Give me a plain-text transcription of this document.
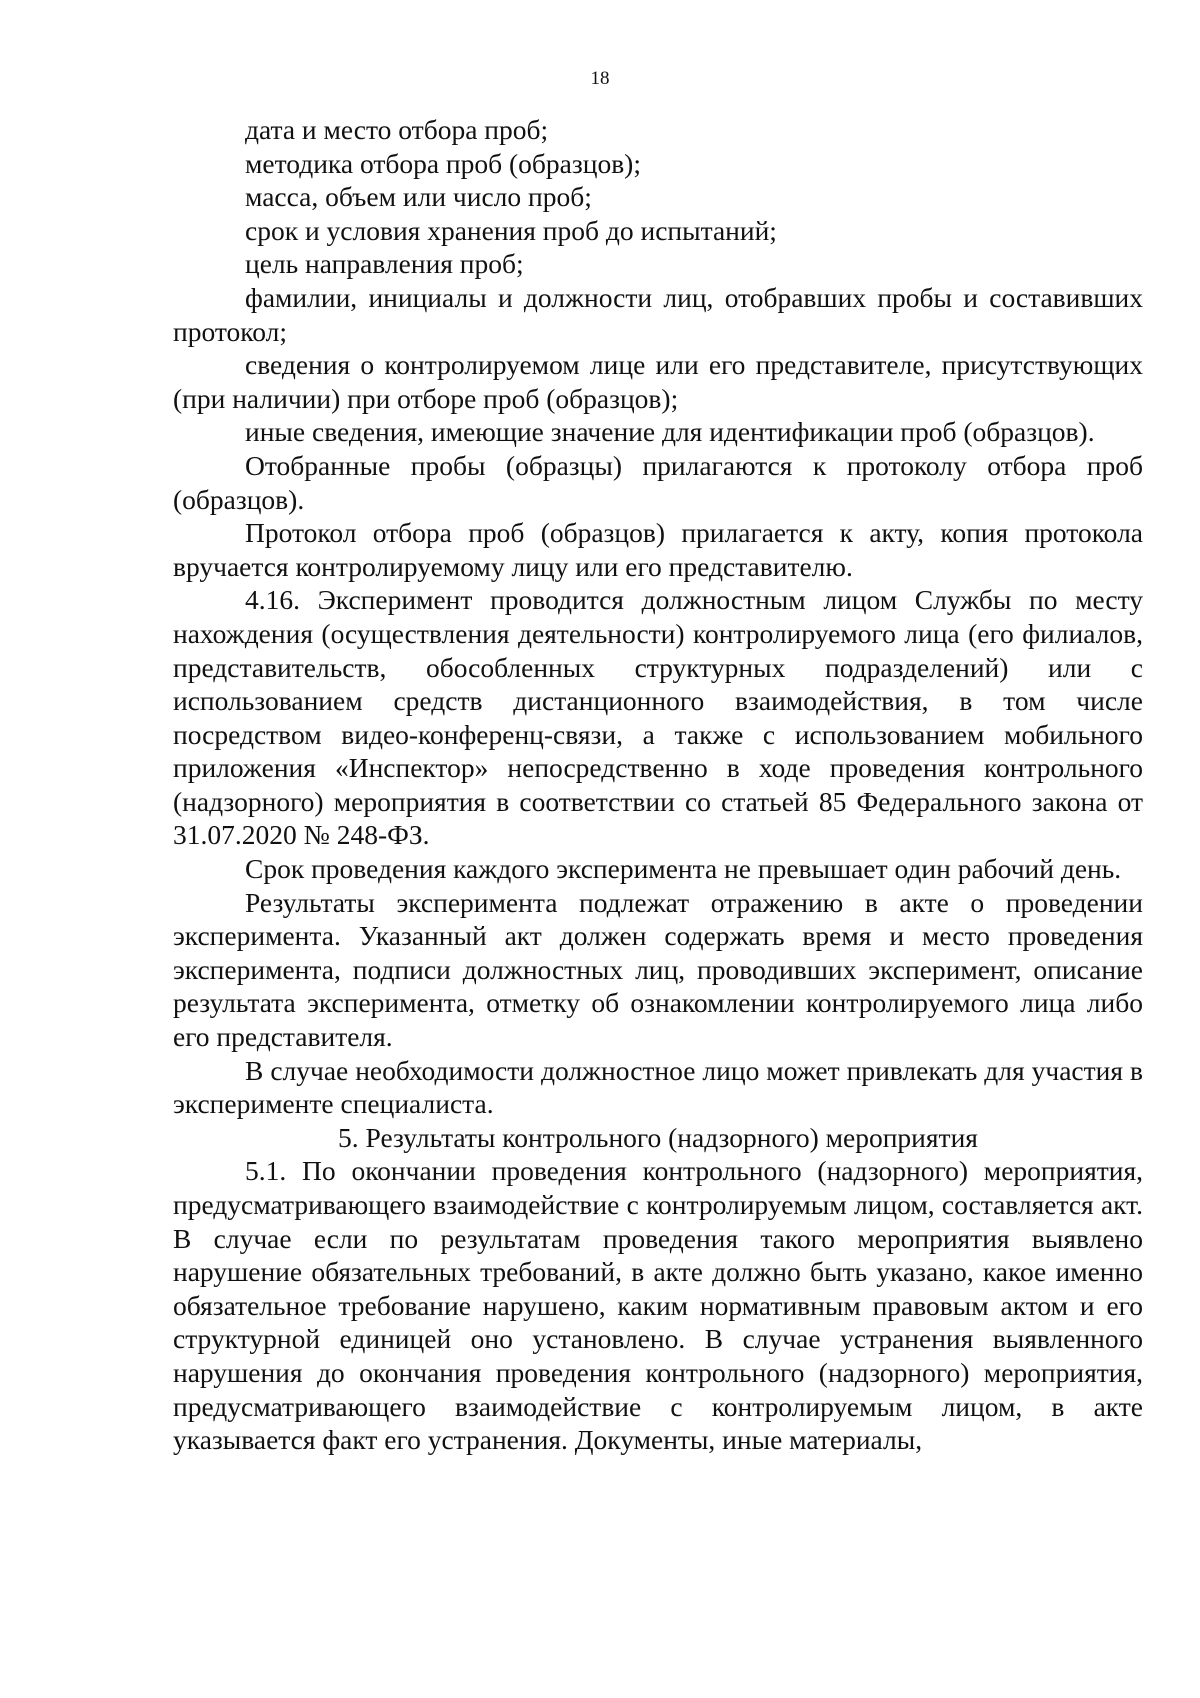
18

дата и место отбора проб;

методика отбора проб (образцов);

масса, объем или число проб;

срок и условия хранения проб до испытаний;

цель направления проб;

фамилии, инициалы и должности лиц, отобравших пробы и составивших протокол;

сведения о контролируемом лице или его представителе, присутствующих (при наличии) при отборе проб (образцов);

иные сведения, имеющие значение для идентификации проб (образцов).

Отобранные пробы (образцы) прилагаются к протоколу отбора проб (образцов).

Протокол отбора проб (образцов) прилагается к акту, копия протокола вручается контролируемому лицу или его представителю.

4.16. Эксперимент проводится должностным лицом Службы по месту нахождения (осуществления деятельности) контролируемого лица (его филиалов, представительств, обособленных структурных подразделений) или с использованием средств дистанционного взаимодействия, в том числе посредством видео-конференц-связи, а также с использованием мобильного приложения «Инспектор» непосредственно в ходе проведения контрольного (надзорного) мероприятия в соответствии со статьей 85 Федерального закона от 31.07.2020 № 248-ФЗ.

Срок проведения каждого эксперимента не превышает один рабочий день.

Результаты эксперимента подлежат отражению в акте о проведении эксперимента. Указанный акт должен содержать время и место проведения эксперимента, подписи должностных лиц, проводивших эксперимент, описание результата эксперимента, отметку об ознакомлении контролируемого лица либо его представителя.

В случае необходимости должностное лицо может привлекать для участия в эксперименте специалиста.

5. Результаты контрольного (надзорного) мероприятия

5.1. По окончании проведения контрольного (надзорного) мероприятия, предусматривающего взаимодействие с контролируемым лицом, составляется акт. В случае если по результатам проведения такого мероприятия выявлено нарушение обязательных требований, в акте должно быть указано, какое именно обязательное требование нарушено, каким нормативным правовым актом и его структурной единицей оно установлено. В случае устранения выявленного нарушения до окончания проведения контрольного (надзорного) мероприятия, предусматривающего взаимодействие с контролируемым лицом, в акте указывается факт его устранения. Документы, иные материалы,
